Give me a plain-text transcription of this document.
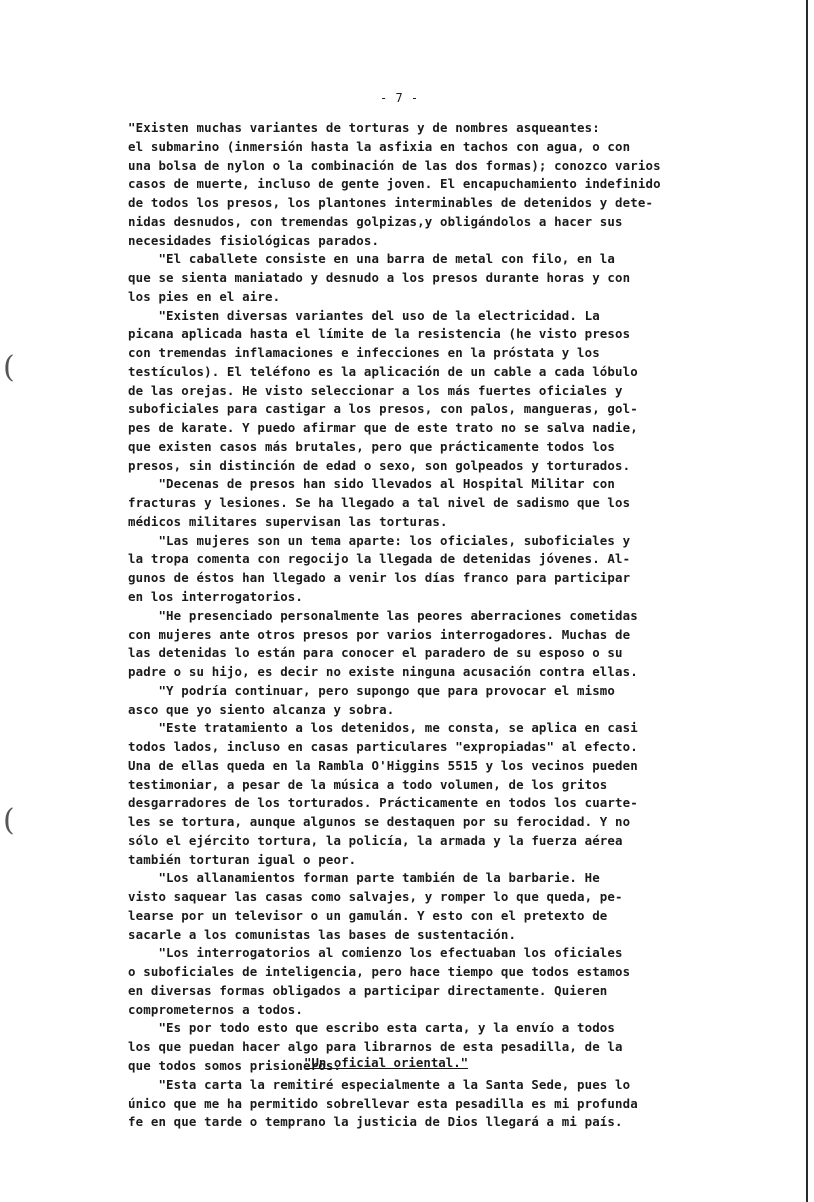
(
(
- 7 -
"Existen muchas variantes de torturas y de nombres asqueantes:
el submarino (inmersión hasta la asfixia en tachos con agua, o con
una bolsa de nylon o la combinación de las dos formas); conozco varios
casos de muerte, incluso de gente joven. El encapuchamiento indefinido
de todos los presos, los plantones interminables de detenidos y dete-
nidas desnudos, con tremendas golpizas,y obligándolos a hacer sus
necesidades fisiológicas parados.
"El caballete consiste en una barra de metal con filo, en la
que se sienta maniatado y desnudo a los presos durante horas y con
los pies en el aire.
"Existen diversas variantes del uso de la electricidad. La
picana aplicada hasta el límite de la resistencia (he visto presos
con tremendas inflamaciones e infecciones en la próstata y los
testículos). El teléfono es la aplicación de un cable a cada lóbulo
de las orejas. He visto seleccionar a los más fuertes oficiales y
suboficiales para castigar a los presos, con palos, mangueras, gol-
pes de karate. Y puedo afirmar que de este trato no se salva nadie,
que existen casos más brutales, pero que prácticamente todos los
presos, sin distinción de edad o sexo, son golpeados y torturados.
"Decenas de presos han sido llevados al Hospital Militar con
fracturas y lesiones. Se ha llegado a tal nivel de sadismo que los
médicos militares supervisan las torturas.
"Las mujeres son un tema aparte: los oficiales, suboficiales y
la tropa comenta con regocijo la llegada de detenidas jóvenes. Al-
gunos de éstos han llegado a venir los días franco para participar
en los interrogatorios.
"He presenciado personalmente las peores aberraciones cometidas
con mujeres ante otros presos por varios interrogadores. Muchas de
las detenidas lo están para conocer el paradero de su esposo o su
padre o su hijo, es decir no existe ninguna acusación contra ellas.
"Y podría continuar, pero supongo que para provocar el mismo
asco que yo siento alcanza y sobra.
"Este tratamiento a los detenidos, me consta, se aplica en casi
todos lados, incluso en casas particulares "expropiadas" al efecto.
Una de ellas queda en la Rambla O'Higgins 5515 y los vecinos pueden
testimoniar, a pesar de la música a todo volumen, de los gritos
desgarradores de los torturados. Prácticamente en todos los cuarte-
les se tortura, aunque algunos se destaquen por su ferocidad. Y no
sólo el ejército tortura, la policía, la armada y la fuerza aérea
también torturan igual o peor.
"Los allanamientos forman parte también de la barbarie. He
visto saquear las casas como salvajes, y romper lo que queda, pe-
learse por un televisor o un gamulán. Y esto con el pretexto de
sacarle a los comunistas las bases de sustentación.
"Los interrogatorios al comienzo los efectuaban los oficiales
o suboficiales de inteligencia, pero hace tiempo que todos estamos
en diversas formas obligados a participar directamente. Quieren
comprometernos a todos.
"Es por todo esto que escribo esta carta, y la envío a todos
los que puedan hacer algo para librarnos de esta pesadilla, de la
que todos somos prisioneros.
"Esta carta la remitiré especialmente a la Santa Sede, pues lo
único que me ha permitido sobrellevar esta pesadilla es mi profunda
fe en que tarde o temprano la justicia de Dios llegará a mi país.
"Un oficial oriental."
